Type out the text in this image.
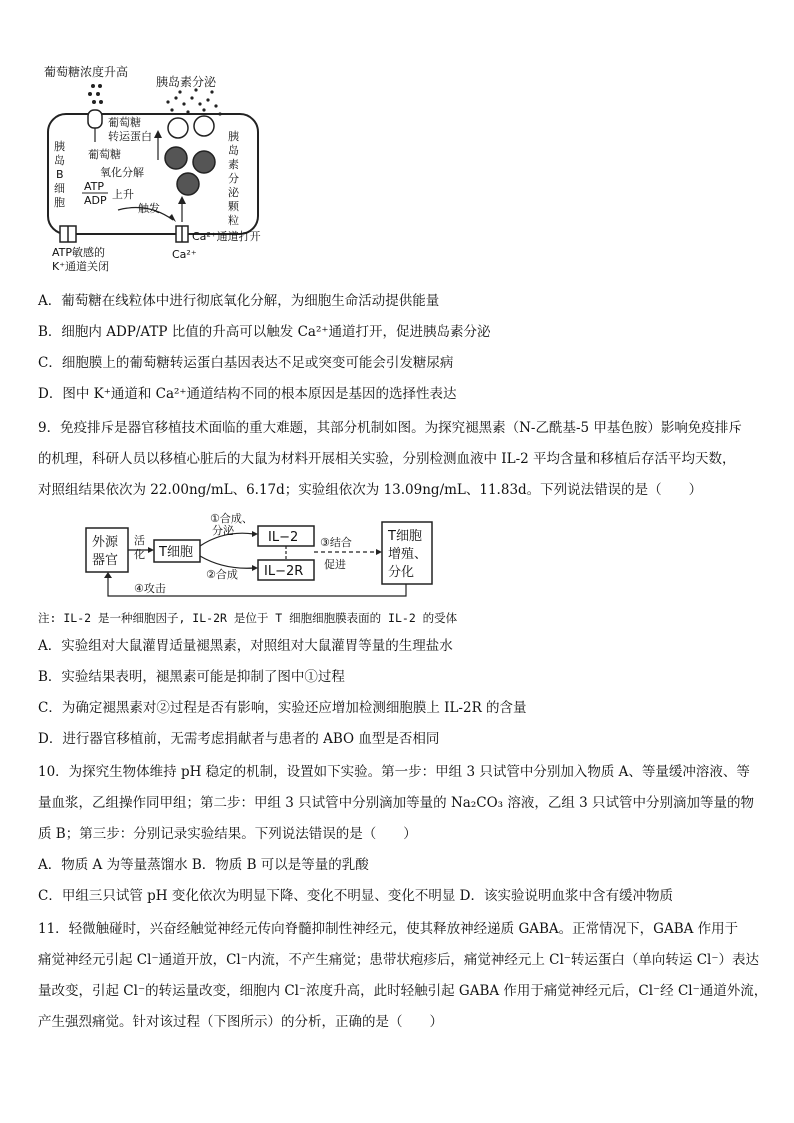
葡萄糖浓度升高
胰岛素分泌
葡萄糖
转运蛋白
葡萄糖
氧化分解
ATP
ADP 上升
触发
胰
岛
B
细
胞
胰
岛
素
分
泌
颗
粒
ATP敏感的
K⁺通道关闭
Ca²⁺通道打开
Ca²⁺
A．葡萄糖在线粒体中进行彻底氧化分解，为细胞生命活动提供能量
B．细胞内 ADP/ATP 比值的升高可以触发 Ca²⁺通道打开，促进胰岛素分泌
C．细胞膜上的葡萄糖转运蛋白基因表达不足或突变可能会引发糖尿病
D．图中 K⁺通道和 Ca²⁺通道结构不同的根本原因是基因的选择性表达
9．免疫排斥是器官移植技术面临的重大难题，其部分机制如图。为探究褪黑素（N-乙酰基-5 甲基色胺）影响免疫排斥
的机理，科研人员以移植心脏后的大鼠为材料开展相关实验，分别检测血液中 IL-2 平均含量和移植后存活平均天数，
对照组结果依次为 22.00ng/mL、6.17d；实验组依次为 13.09ng/mL、11.83d。下列说法错误的是（　　）
外源
器官
活
化 T细胞
①合成、
分泌
②合成
IL−2
IL−2R
③结合
促进
T细胞
增殖、
分化
④攻击
注: IL-2 是一种细胞因子, IL-2R 是位于 T 细胞细胞膜表面的 IL-2 的受体
A．实验组对大鼠灌胃适量褪黑素，对照组对大鼠灌胃等量的生理盐水
B．实验结果表明，褪黑素可能是抑制了图中①过程
C．为确定褪黑素对②过程是否有影响，实验还应增加检测细胞膜上 IL-2R 的含量
D．进行器官移植前，无需考虑捐献者与患者的 ABO 血型是否相同
10．为探究生物体维持 pH 稳定的机制，设置如下实验。第一步：甲组 3 只试管中分别加入物质 A、等量缓冲溶液、等
量血浆，乙组操作同甲组；第二步：甲组 3 只试管中分别滴加等量的 Na₂CO₃ 溶液，乙组 3 只试管中分别滴加等量的物
质 B；第三步：分别记录实验结果。下列说法错误的是（　　）
A．物质 A 为等量蒸馏水 B．物质 B 可以是等量的乳酸
C．甲组三只试管 pH 变化依次为明显下降、变化不明显、变化不明显 D．该实验说明血浆中含有缓冲物质
11．轻微触碰时，兴奋经触觉神经元传向脊髓抑制性神经元，使其释放神经递质 GABA。正常情况下，GABA 作用于
痛觉神经元引起 Cl⁻通道开放，Cl⁻内流，不产生痛觉；患带状疱疹后，痛觉神经元上 Cl⁻转运蛋白（单向转运 Cl⁻）表达
量改变，引起 Cl⁻的转运量改变，细胞内 Cl⁻浓度升高，此时轻触引起 GABA 作用于痛觉神经元后，Cl⁻经 Cl⁻通道外流，
产生强烈痛觉。针对该过程（下图所示）的分析，正确的是（　　）
